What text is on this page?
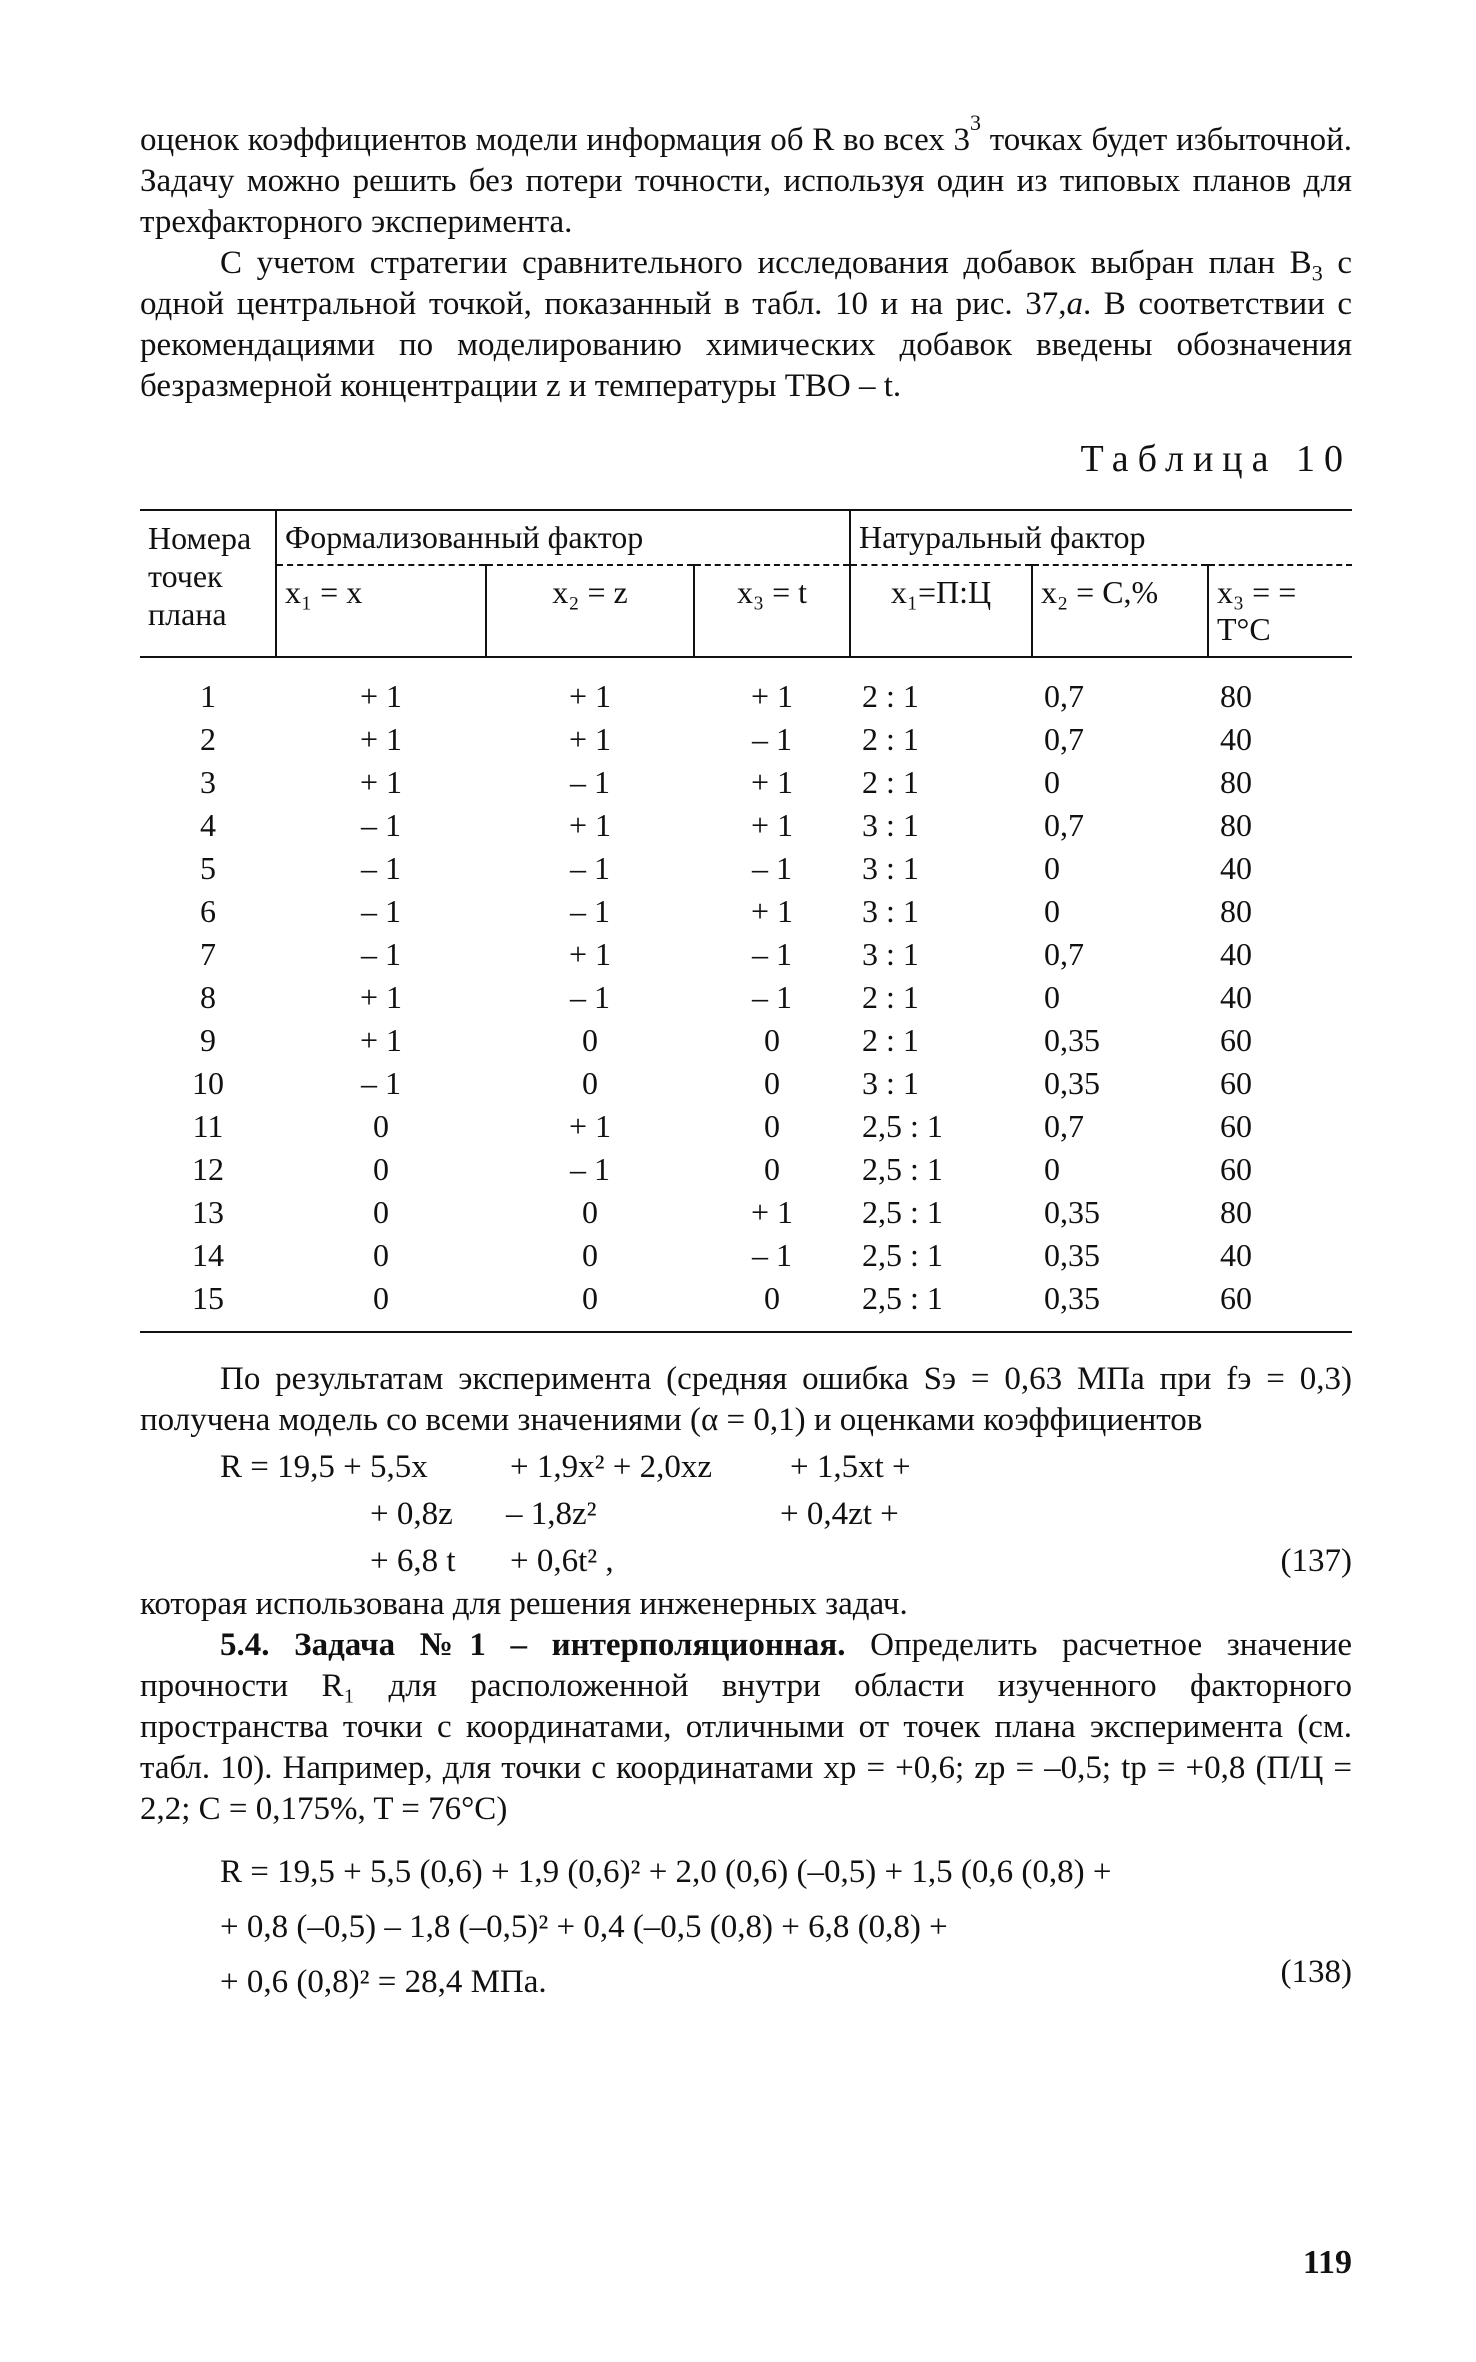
оценок коэффициентов модели информация об R во всех $3^3$ точках будет избыточной. Задачу можно решить без потери точности, используя один из типовых планов для трехфакторного эксперимента.

С учетом стратегии сравнительного исследования добавок выбран план $B_3$ с одной центральной точкой, показанный в табл. 10 и на рис. 37,а. В соответствии с рекомендациями по моделированию химических добавок введены обозначения безразмерной концентрации z и температуры ТВО – t.

Таблица 10
Номера точек плана	Формализованный фактор			Натуральный фактор		
	x₁ = x	x₂ = z	x₃ = t	x₁=П:Ц	x₂ = C,%	x₃ = = T°C
1	+ 1	+ 1	+ 1	2 : 1	0,7	80
2	+ 1	+ 1	– 1	2 : 1	0,7	40
3	+ 1	– 1	+ 1	2 : 1	0	80
4	– 1	+ 1	+ 1	3 : 1	0,7	80
5	– 1	– 1	– 1	3 : 1	0	40
6	– 1	– 1	+ 1	3 : 1	0	80
7	– 1	+ 1	– 1	3 : 1	0,7	40
8	+ 1	– 1	– 1	2 : 1	0	40
9	+ 1	0	0	2 : 1	0,35	60
10	– 1	0	0	3 : 1	0,35	60
11	0	+ 1	0	2,5 : 1	0,7	60
12	0	– 1	0	2,5 : 1	0	60
13	0	0	+ 1	2,5 : 1	0,35	80
14	0	0	– 1	2,5 : 1	0,35	40
15	0	0	0	2,5 : 1	0,35	60

По результатам эксперимента (средняя ошибка Sэ = 0,63 МПа при fэ = 0,3) получена модель со всеми значениями (α = 0,1) и оценками коэффициентов

R = 19,5 + 5,5x + 1,9x² + 2,0xz + 1,5xt +
+ 0,8z – 1,8z²	+ 0,4zt +
+ 6,8 t + 0,6t² ,	(137)

которая использована для решения инженерных задач.

5.4. Задача №1 – интерполяционная. Определить расчетное значение прочности R₁ для расположенной внутри области изученного факторного пространства точки с координатами, отличными от точек плана эксперимента (см. табл. 10). Например, для точки с координатами xp = +0,6; zp = –0,5; tp = +0,8 (П/Ц = 2,2; C = 0,175%, T = 76°C)

R = 19,5 + 5,5 (0,6) + 1,9 (0,6)² + 2,0 (0,6) (–0,5) + 1,5 (0,6 (0,8) +
+ 0,8 (–0,5) – 1,8 (–0,5)² + 0,4 (–0,5 (0,8) + 6,8 (0,8) +
+ 0,6 (0,8)² = 28,4 МПа.	(138)
119
